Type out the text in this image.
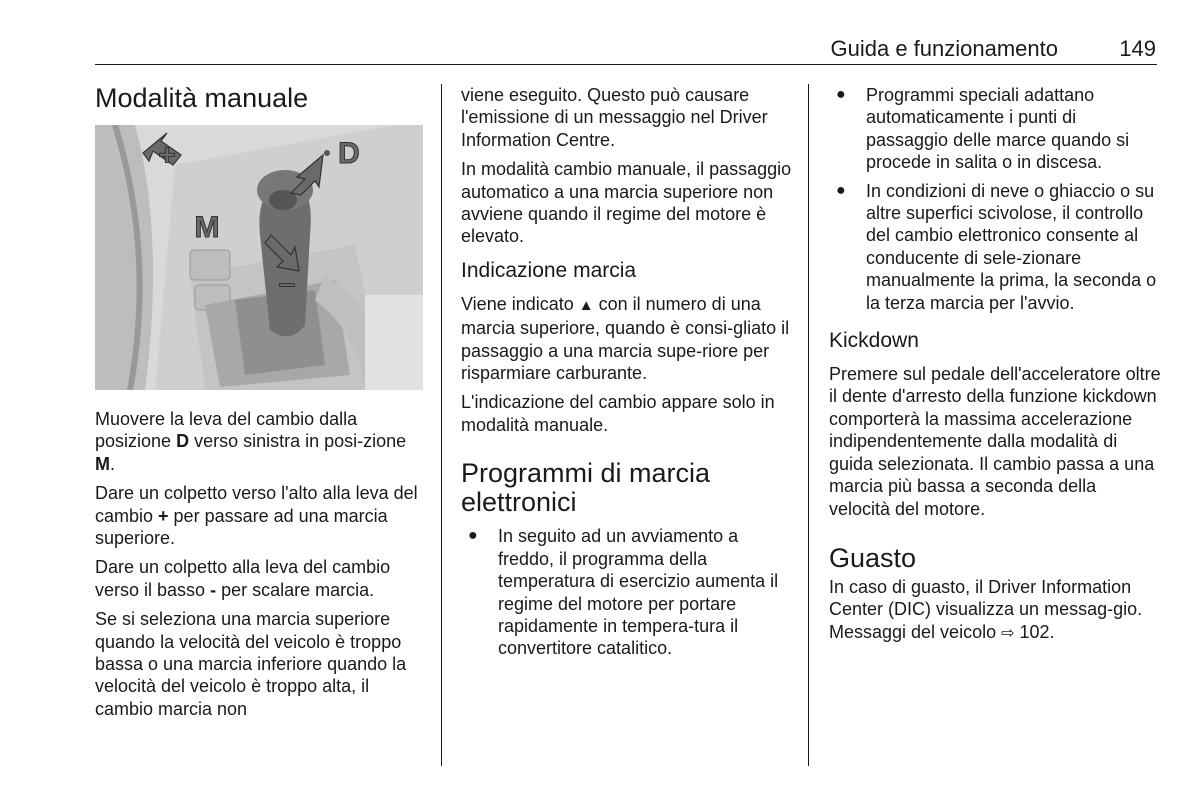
Guida e funzionamento	149
Modalità manuale
+	D
M
–

Muovere la leva del cambio dalla posizione D verso sinistra in posi-zione M.

Dare un colpetto verso l'alto alla leva del cambio + per passare ad una marcia superiore.

Dare un colpetto alla leva del cambio verso il basso - per scalare marcia.

Se si seleziona una marcia superiore quando la velocità del veicolo è troppo bassa o una marcia inferiore quando la velocità del veicolo è troppo alta, il cambio marcia non

viene eseguito. Questo può causare l'emissione di un messaggio nel Driver Information Centre.

In modalità cambio manuale, il passaggio automatico a una marcia superiore non avviene quando il regime del motore è elevato.

Indicazione marcia

Viene indicato ▲ con il numero di una marcia superiore, quando è consi-gliato il passaggio a una marcia supe-riore per risparmiare carburante.

L'indicazione del cambio appare solo in modalità manuale.

Programmi di marcia elettronici
● In seguito ad un avviamento a freddo, il programma della temperatura di esercizio aumenta il regime del motore per portare rapidamente in tempera-tura il convertitore catalitico.
● Programmi speciali adattano automaticamente i punti di passaggio delle marce quando si procede in salita o in discesa.
● In condizioni di neve o ghiaccio o su altre superfici scivolose, il controllo del cambio elettronico consente al conducente di sele-zionare manualmente la prima, la seconda o la terza marcia per l'avvio.
Kickdown

Premere sul pedale dell'acceleratore oltre il dente d'arresto della funzione kickdown comporterà la massima accelerazione indipendentemente dalla modalità di guida selezionata. Il cambio passa a una marcia più bassa a seconda della velocità del motore.

Guasto

In caso di guasto, il Driver Information Center (DIC) visualizza un messag-gio. Messaggi del veicolo ⇨ 102.
